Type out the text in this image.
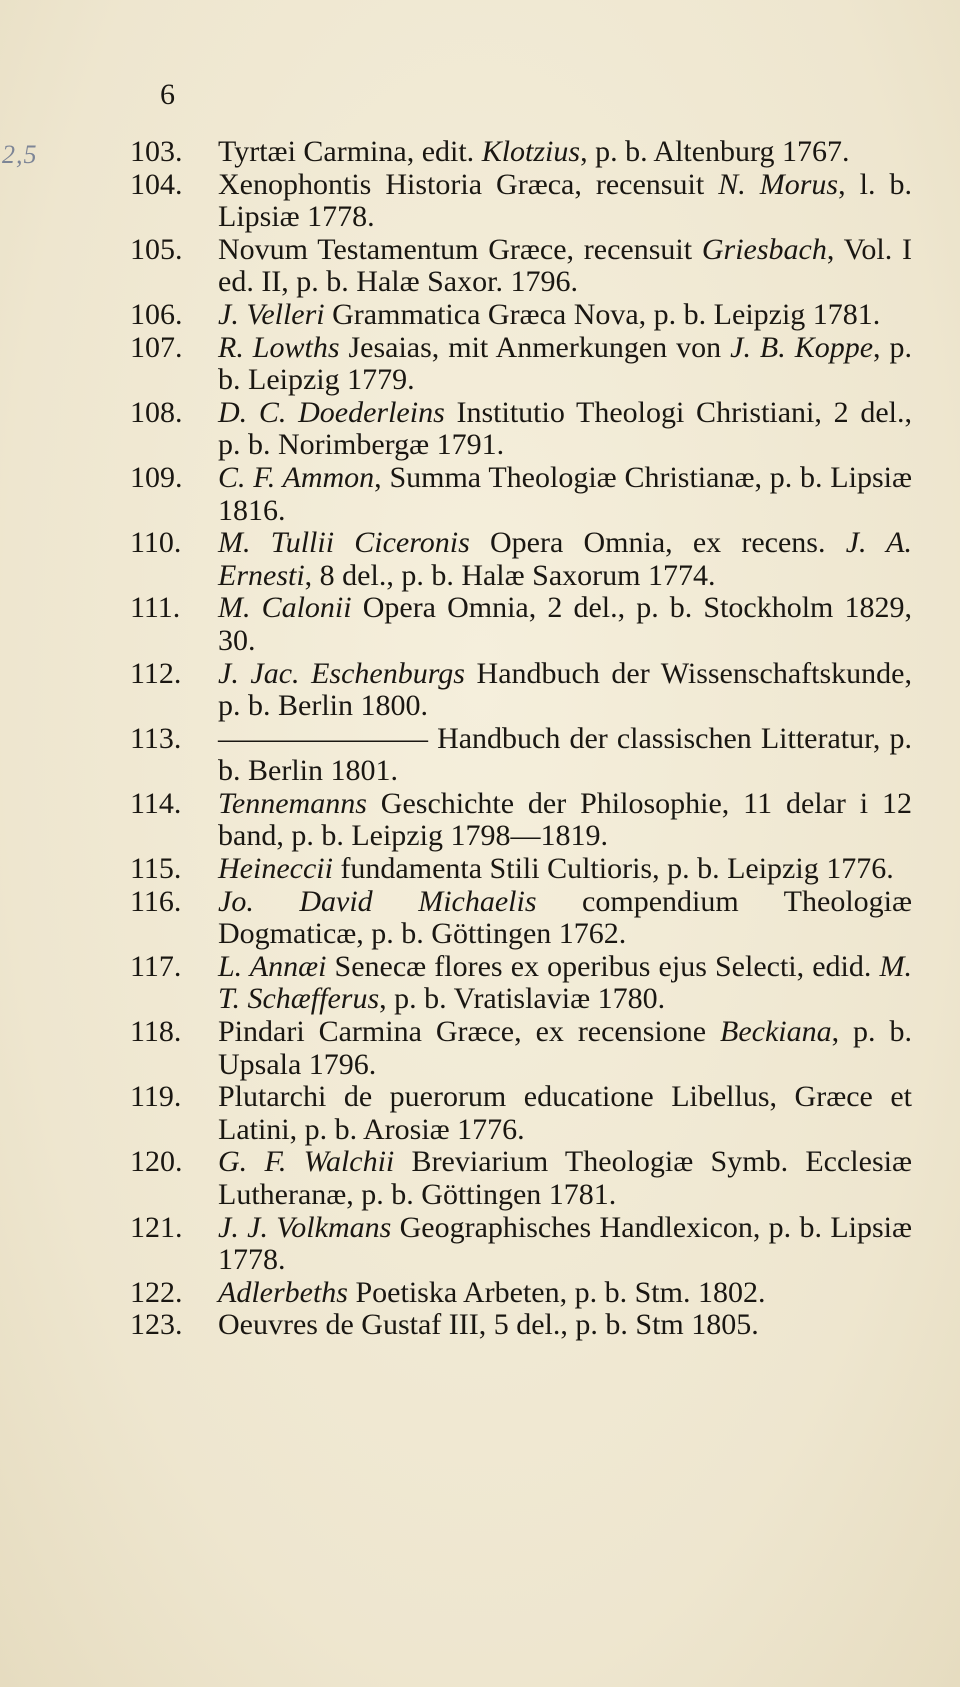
2,5
6
103.	Tyrtæi Carmina, edit. Klotzius, p. b. Altenburg 1767.
104.	Xenophontis Historia Græca, recensuit N. Morus, l. b. Lipsiæ 1778.
105.	Novum Testamentum Græce, recensuit Griesbach, Vol. I ed. II, p. b. Halæ Saxor. 1796.
106.	J. Velleri Grammatica Græca Nova, p. b. Leipzig 1781.
107.	R. Lowths Jesaias, mit Anmerkungen von J. B. Koppe, p. b. Leipzig 1779.
108.	D. C. Doederleins Institutio Theologi Christiani, 2 del., p. b. Norimbergæ 1791.
109.	C. F. Ammon, Summa Theologiæ Christianæ, p. b. Lipsiæ 1816.
110.	M. Tullii Ciceronis Opera Omnia, ex recens. J. A. Ernesti, 8 del., p. b. Halæ Saxorum 1774.
111.	M. Calonii Opera Omnia, 2 del., p. b. Stockholm 1829, 30.
112.	J. Jac. Eschenburgs Handbuch der Wissenschaftskunde, p. b. Berlin 1800.
113.	——————— Handbuch der classischen Litteratur, p. b. Berlin 1801.
114.	Tennemanns Geschichte der Philosophie, 11 delar i 12 band, p. b. Leipzig 1798—1819.
115.	Heineccii fundamenta Stili Cultioris, p. b. Leipzig 1776.
116.	Jo. David Michaelis compendium Theologiæ Dogmaticæ, p. b. Göttingen 1762.
117.	L. Annæi Senecæ flores ex operibus ejus Selecti, edid. M. T. Schæfferus, p. b. Vratislaviæ 1780.
118.	Pindari Carmina Græce, ex recensione Beckiana, p. b. Upsala 1796.
119.	Plutarchi de puerorum educatione Libellus, Græce et Latini, p. b. Arosiæ 1776.
120.	G. F. Walchii Breviarium Theologiæ Symb. Ecclesiæ Lutheranæ, p. b. Göttingen 1781.
121.	J. J. Volkmans Geographisches Handlexicon, p. b. Lipsiæ 1778.
122.	Adlerbeths Poetiska Arbeten, p. b. Stm. 1802.
123.	Oeuvres de Gustaf III, 5 del., p. b. Stm 1805.
